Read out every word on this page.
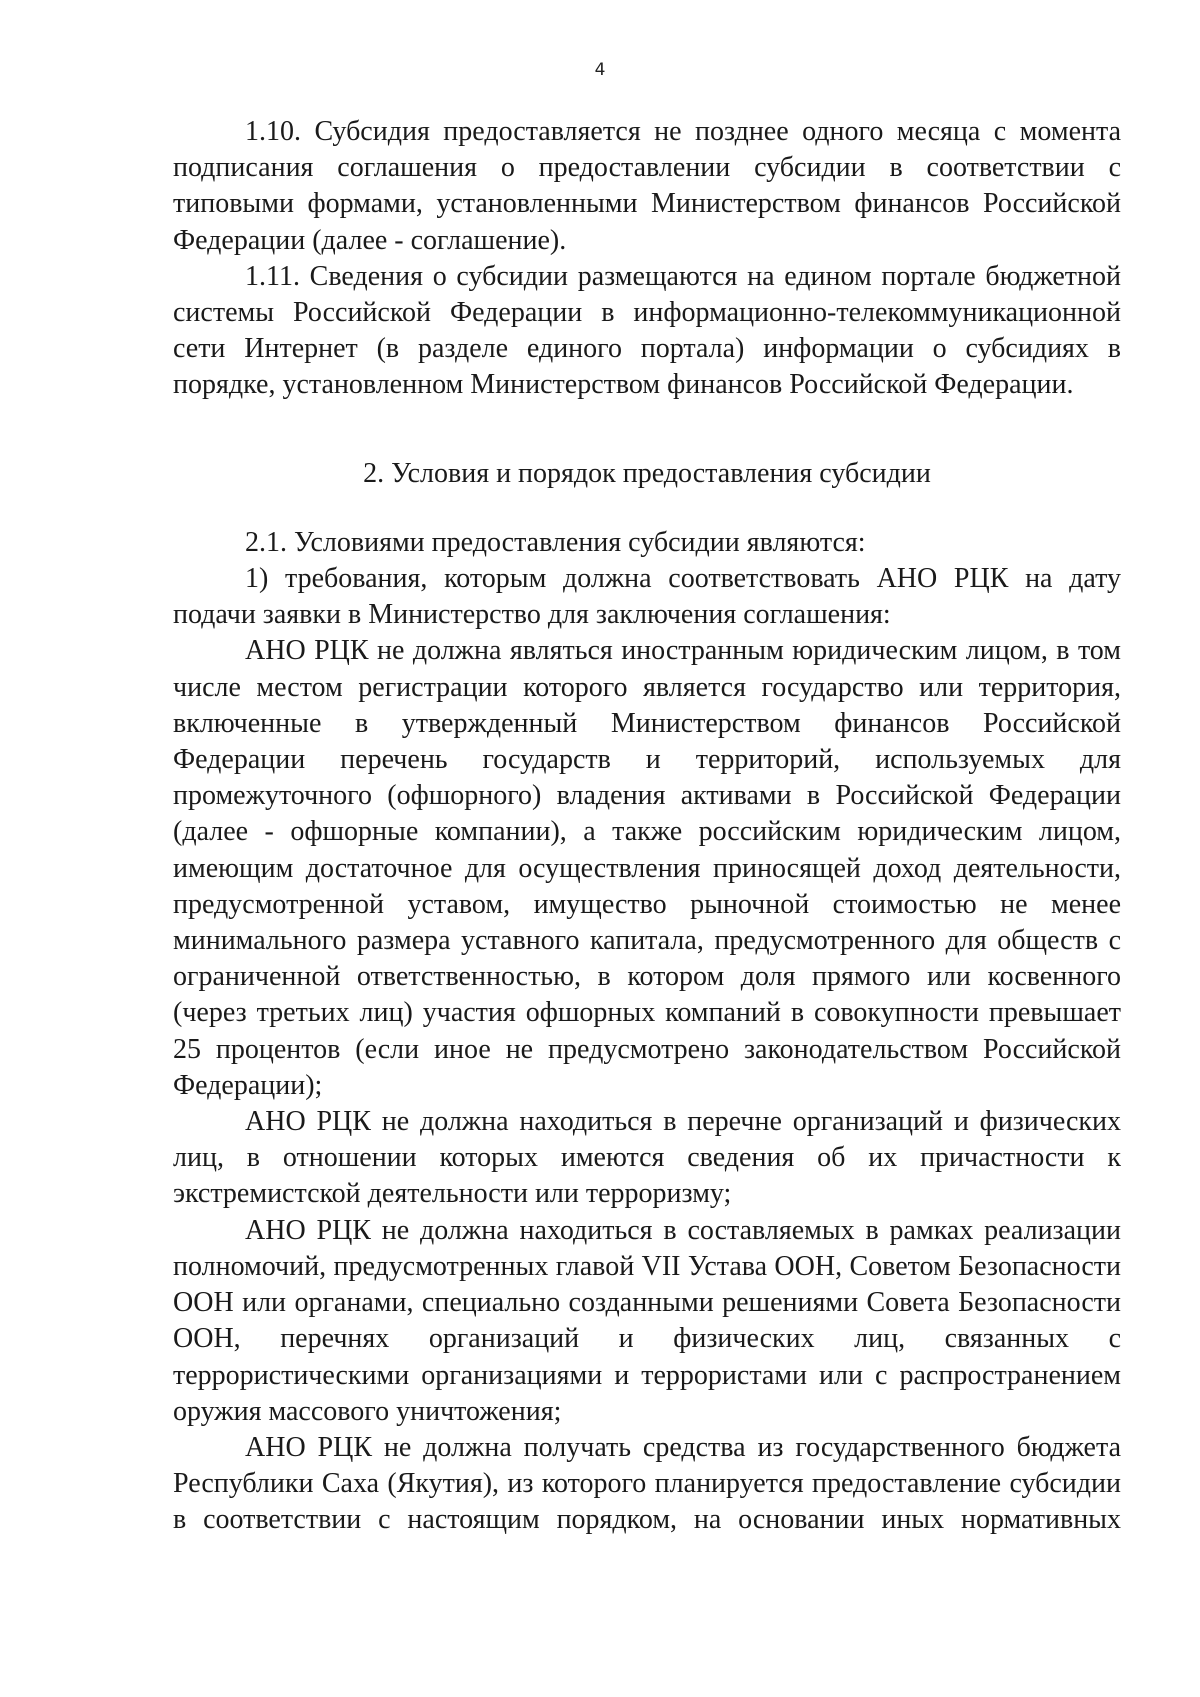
4

1.10. Субсидия предоставляется не позднее одного месяца с момента подписания соглашения о предоставлении субсидии в соответствии с типовыми формами, установленными Министерством финансов Российской Федерации (далее - соглашение).

1.11. Сведения о субсидии размещаются на едином портале бюджетной системы Российской Федерации в информационно-телекоммуникационной сети Интернет (в разделе единого портала) информации о субсидиях в порядке, установленном Министерством финансов Российской Федерации.

2. Условия и порядок предоставления субсидии

2.1. Условиями предоставления субсидии являются:

1) требования, которым должна соответствовать АНО РЦК на дату подачи заявки в Министерство для заключения соглашения:

АНО РЦК не должна являться иностранным юридическим лицом, в том числе местом регистрации которого является государство или территория, включенные в утвержденный Министерством финансов Российской Федерации перечень государств и территорий, используемых для промежуточного (офшорного) владения активами в Российской Федерации (далее - офшорные компании), а также российским юридическим лицом, имеющим достаточное для осуществления приносящей доход деятельности, предусмотренной уставом, имущество рыночной стоимостью не менее минимального размера уставного капитала, предусмотренного для обществ с ограниченной ответственностью, в котором доля прямого или косвенного (через третьих лиц) участия офшорных компаний в совокупности превышает 25 процентов (если иное не предусмотрено законодательством Российской Федерации);

АНО РЦК не должна находиться в перечне организаций и физических лиц, в отношении которых имеются сведения об их причастности к экстремистской деятельности или терроризму;

АНО РЦК не должна находиться в составляемых в рамках реализации полномочий, предусмотренных главой VII Устава ООН, Советом Безопасности ООН или органами, специально созданными решениями Совета Безопасности ООН, перечнях организаций и физических лиц, связанных с террористическими организациями и террористами или с распространением оружия массового уничтожения;

АНО РЦК не должна получать средства из государственного бюджета Республики Саха (Якутия), из которого планируется предоставление субсидии в соответствии с настоящим порядком, на основании иных нормативных
